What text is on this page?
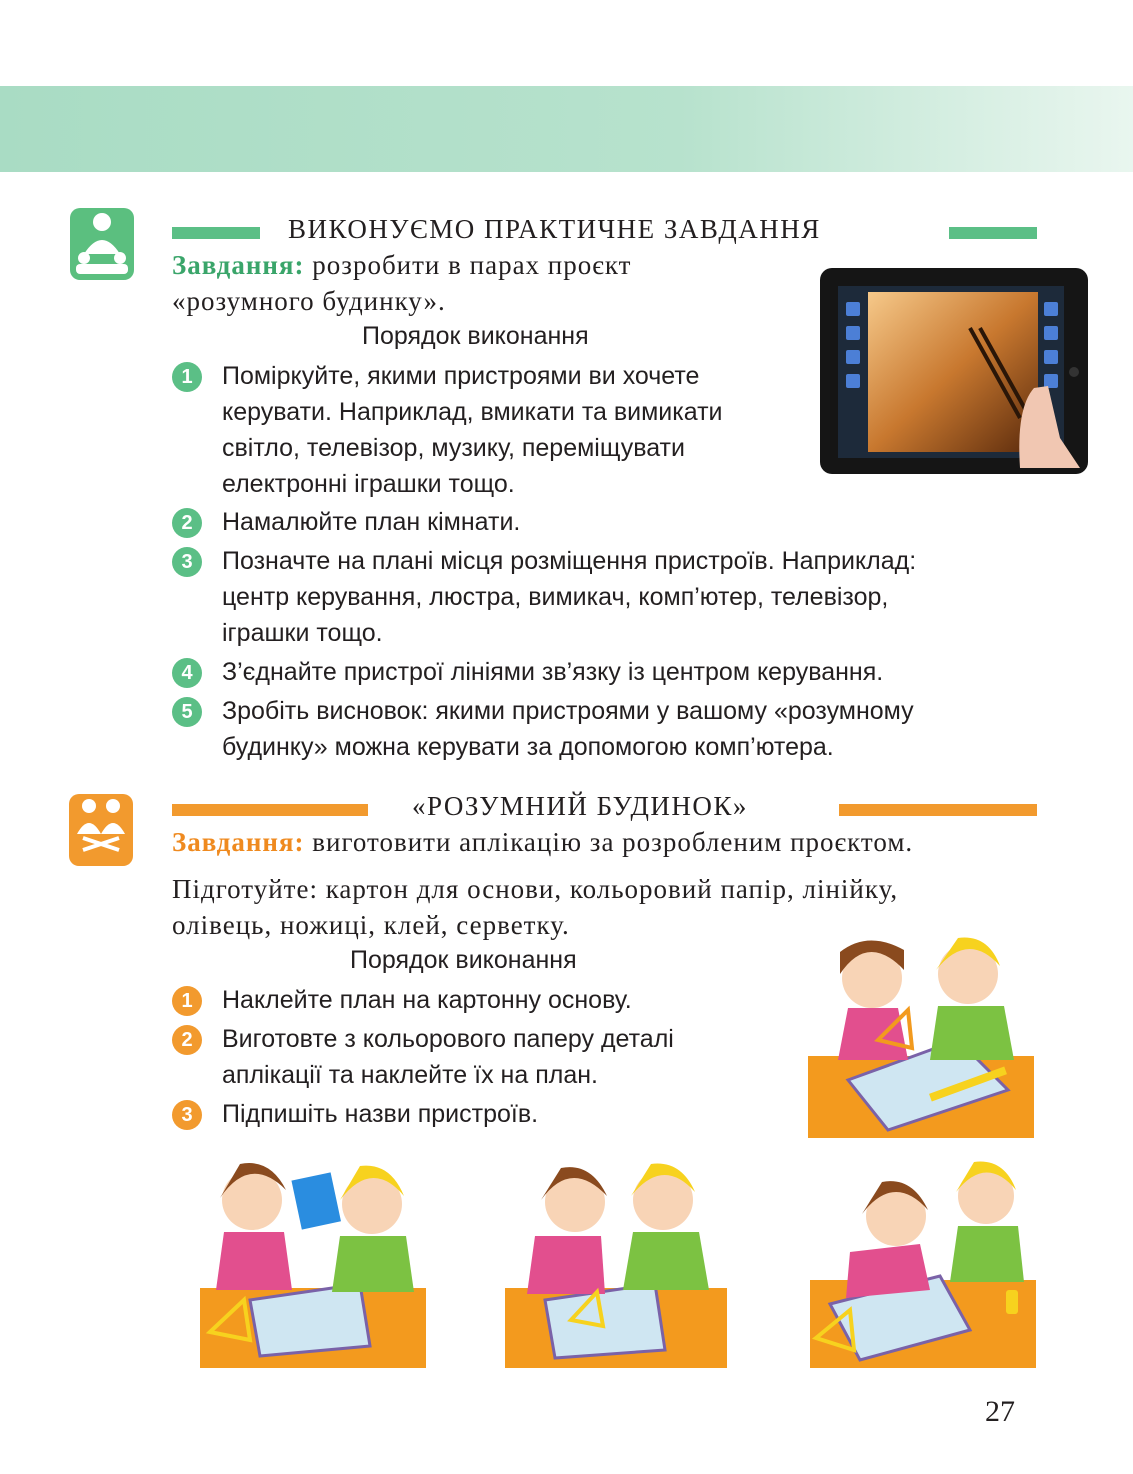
ВИКОНУЄМО ПРАКТИЧНЕ ЗАВДАННЯ
Завдання: розробити в парах проєкт
«розумного будинку».
Порядок виконання
1	Поміркуйте, якими пристроями ви хочете
керувати. Наприклад, вмикати та вимикати
світло, телевізор, музику, переміщувати
електронні іграшки тощо.
2	Намалюйте план кімнати.
3	Позначте на плані місця розміщення пристроїв. Наприклад:
центр керування, люстра, вимикач, комп’ютер, телевізор,
іграшки тощо.
4	З’єднайте пристрої лініями зв’язку із центром керування.
5	Зробіть висновок: якими пристроями у вашому «розумному
будинку» можна керувати за допомогою комп’ютера.
«РОЗУМНИЙ БУДИНОК»
Завдання: виготовити аплікацію за розробленим проєктом.
Підготуйте: картон для основи, кольоровий папір, лінійку,
олівець, ножиці, клей, серветку.
Порядок виконання
1	Наклейте план на картонну основу.
2	Виготовте з кольорового паперу деталі
аплікації та наклейте їх на план.
3	Підпишіть назви пристроїв.
27
